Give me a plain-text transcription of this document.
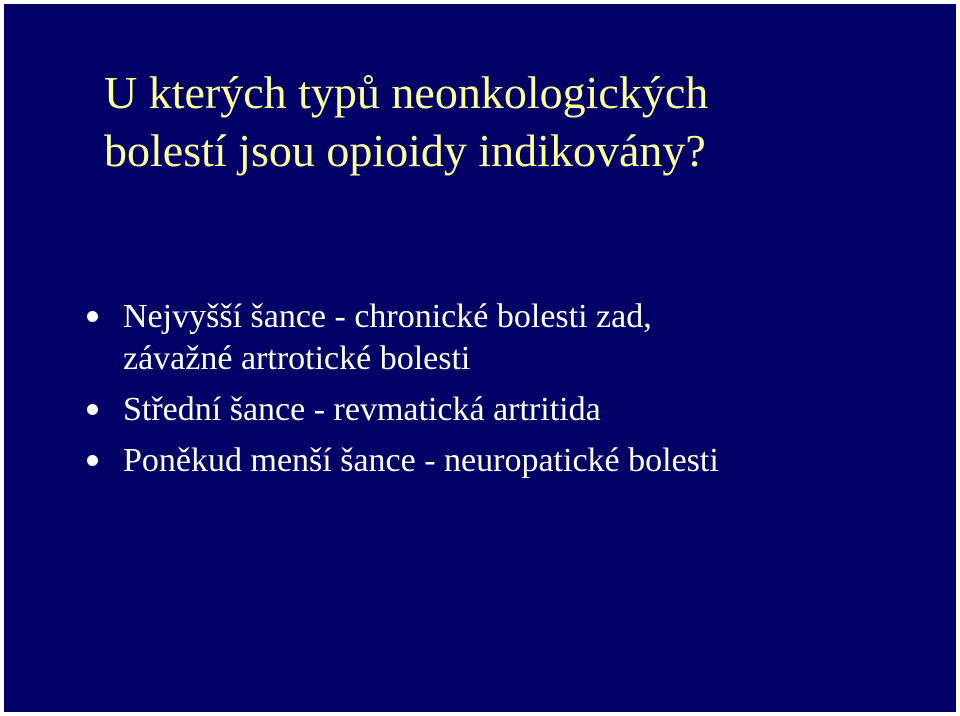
U kterých typů neonkologických
bolestí jsou opioidy indikovány?
Nejvyšší šance - chronické bolesti zad,
závažné artrotické bolesti
Střední šance - revmatická artritida
Poněkud menší šance - neuropatické bolesti
